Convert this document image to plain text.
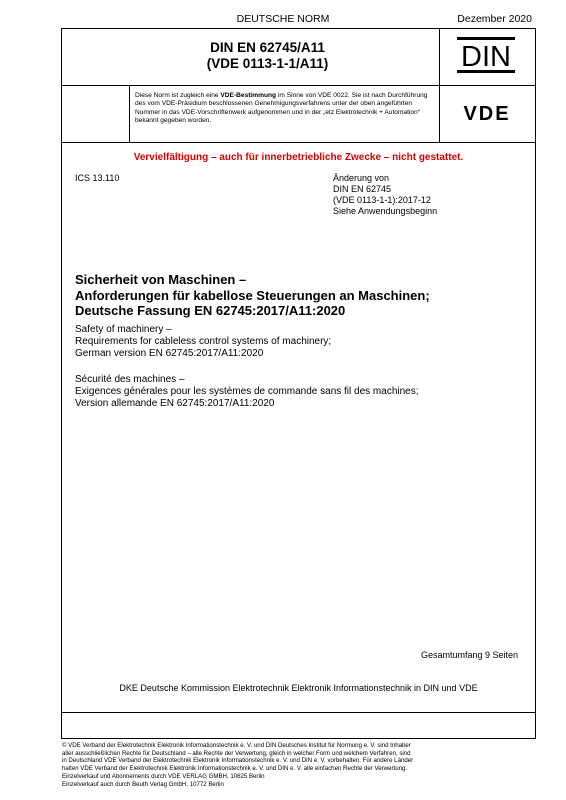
DEUTSCHE NORM	Dezember 2020
DIN EN 62745/A11
(VDE 0113-1-1/A11)	DIN
Diese Norm ist zugleich eine VDE-Bestimmung im Sinne von VDE 0022. Sie ist nach Durchführung des vom VDE-Präsidium beschlossenen Genehmigungsverfahrens unter der oben angeführten Nummer in das VDE-Vorschriftenwerk aufgenommen und in der „etz Elektrotechnik + Automation“ bekannt gegeben worden.	VDE
Vervielfältigung – auch für innerbetriebliche Zwecke – nicht gestattet.
ICS 13.110	Änderung von
DIN EN 62745
(VDE 0113-1-1):2017-12
Siehe Anwendungsbeginn
Sicherheit von Maschinen –
Anforderungen für kabellose Steuerungen an Maschinen;
Deutsche Fassung EN 62745:2017/A11:2020
Safety of machinery –
Requirements for cableless control systems of machinery;
German version EN 62745:2017/A11:2020
Sécurité des machines –
Exigences générales pour les systèmes de commande sans fil des machines;
Version allemande EN 62745:2017/A11:2020
Gesamtumfang 9 Seiten
DKE Deutsche Kommission Elektrotechnik Elektronik Informationstechnik in DIN und VDE

© VDE Verband der Elektrotechnik Elektronik Informationstechnik e. V. und DIN Deutsches Institut für Normung e. V. sind Inhaber

aller ausschließlichen Rechte für Deutschland – alle Rechte der Verwertung, gleich in welcher Form und welchem Verfahren, sind

in Deutschland VDE Verband der Elektrotechnik Elektronik Informationstechnik e. V. und DIN e. V. vorbehalten. Für andere Länder

halten VDE Verband der Elektrotechnik Elektronik Informationstechnik e. V. und DIN e. V. alle einfachen Rechte der Verwertung.

Einzelverkauf und Abonnements durch VDE VERLAG GMBH, 10625 Berlin

Einzelverkauf auch durch Beuth Verlag GmbH, 10772 Berlin
